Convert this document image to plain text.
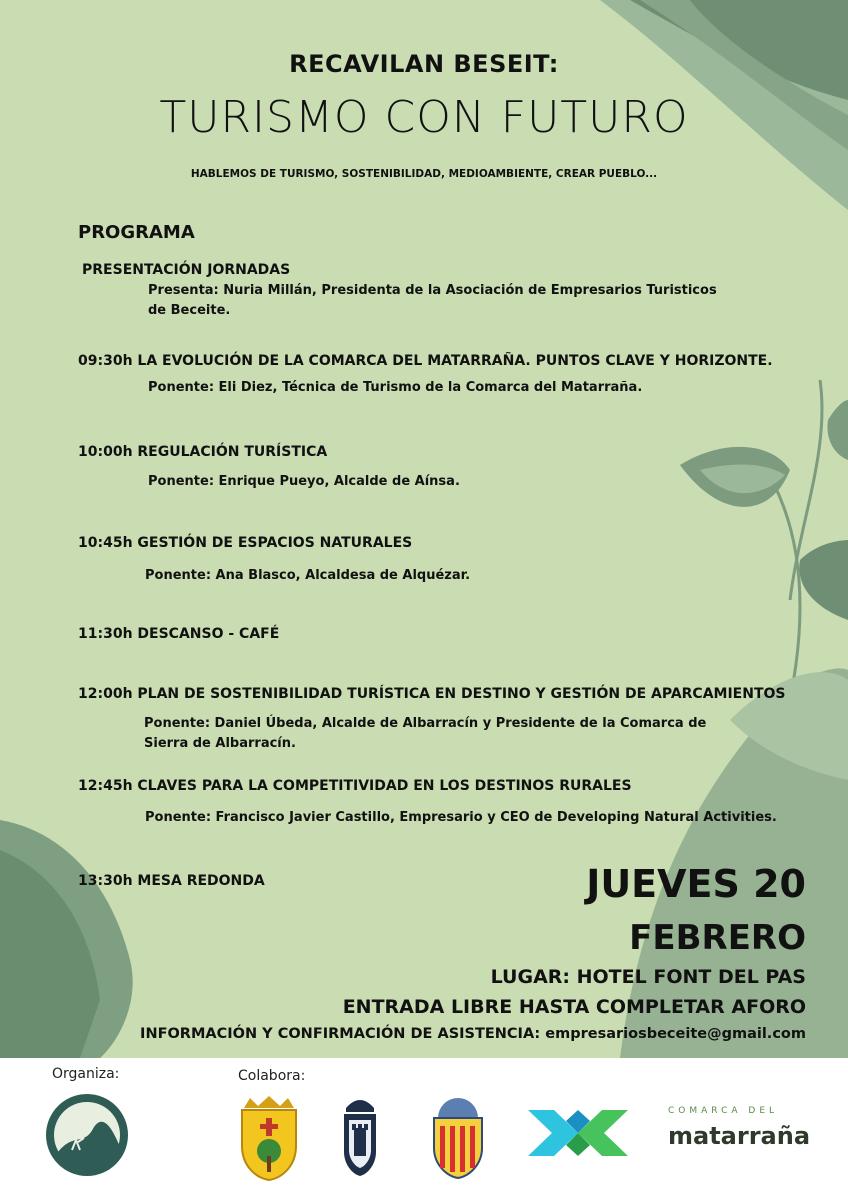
RECAVILAN BESEIT:
TURISMO CON FUTURO
HABLEMOS DE TURISMO, SOSTENIBILIDAD, MEDIOAMBIENTE, CREAR PUEBLO...
PROGRAMA
PRESENTACIÓN JORNADAS
Presenta: Nuria Millán, Presidenta de la Asociación de Empresarios Turisticos de Beceite.
09:30h LA EVOLUCIÓN DE LA COMARCA DEL MATARRAÑA. PUNTOS CLAVE Y HORIZONTE.
Ponente: Eli Diez, Técnica de Turismo de la Comarca del Matarraña.
10:00h REGULACIÓN TURÍSTICA
Ponente: Enrique Pueyo, Alcalde de Aínsa.
10:45h GESTIÓN DE ESPACIOS NATURALES
Ponente: Ana Blasco, Alcaldesa de Alquézar.
11:30h DESCANSO - CAFÉ
12:00h PLAN DE SOSTENIBILIDAD TURÍSTICA EN DESTINO Y GESTIÓN DE APARCAMIENTOS
Ponente: Daniel Úbeda, Alcalde de Albarracín y Presidente de la Comarca de Sierra de Albarracín.
12:45h CLAVES PARA LA COMPETITIVIDAD EN LOS DESTINOS RURALES
Ponente: Francisco Javier Castillo, Empresario y CEO de Developing Natural Activities.
13:30h MESA REDONDA	JUEVES 20
FEBRERO
LUGAR: HOTEL FONT DEL PAS
ENTRADA LIBRE HASTA COMPLETAR AFORO
INFORMACIÓN Y CONFIRMACIÓN DE ASISTENCIA: empresariosbeceite@gmail.com
Organiza:	Colabora:
COMARCA DEL
matarraña
